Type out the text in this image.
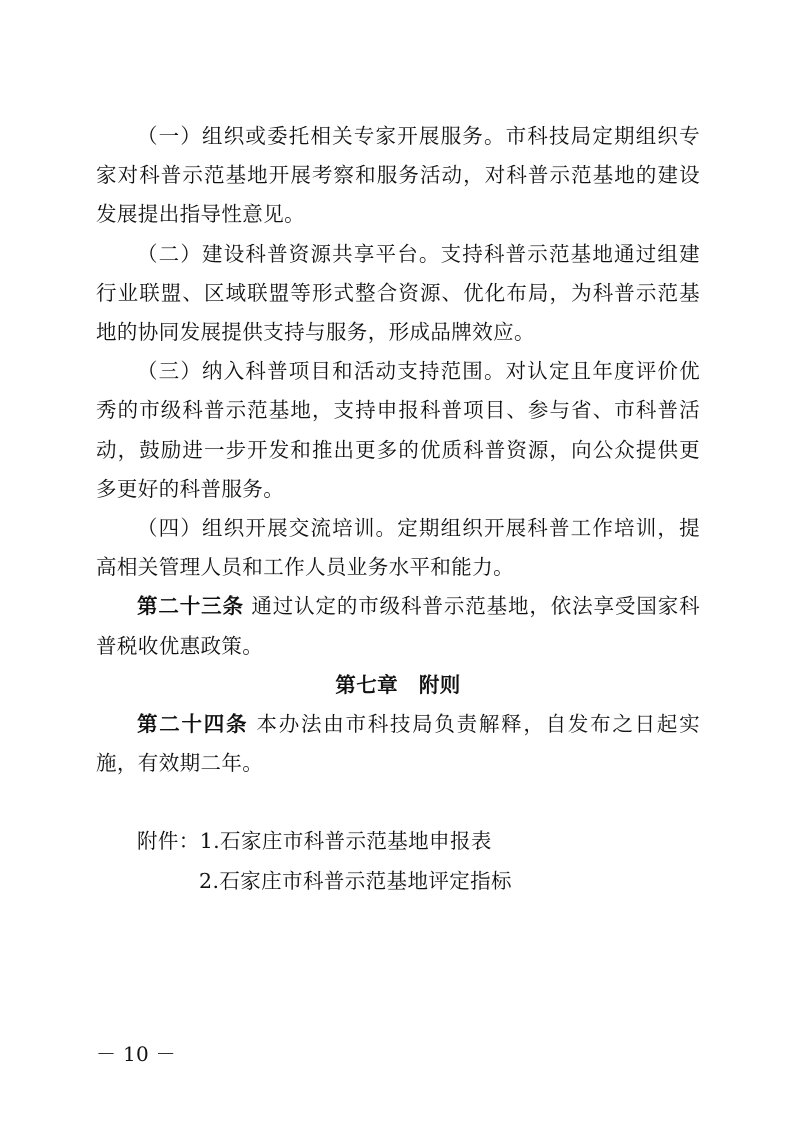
（一）组织或委托相关专家开展服务。市科技局定期组织专家对科普示范基地开展考察和服务活动，对科普示范基地的建设发展提出指导性意见。

（二）建设科普资源共享平台。支持科普示范基地通过组建行业联盟、区域联盟等形式整合资源、优化布局，为科普示范基地的协同发展提供支持与服务，形成品牌效应。

（三）纳入科普项目和活动支持范围。对认定且年度评价优秀的市级科普示范基地，支持申报科普项目、参与省、市科普活动，鼓励进一步开发和推出更多的优质科普资源，向公众提供更多更好的科普服务。

（四）组织开展交流培训。定期组织开展科普工作培训，提高相关管理人员和工作人员业务水平和能力。

第二十三条 通过认定的市级科普示范基地，依法享受国家科普税收优惠政策。

第七章　附则

第二十四条 本办法由市科技局负责解释，自发布之日起实施，有效期二年。

附件：1.石家庄市科普示范基地申报表

2.石家庄市科普示范基地评定指标

－ 10 －
